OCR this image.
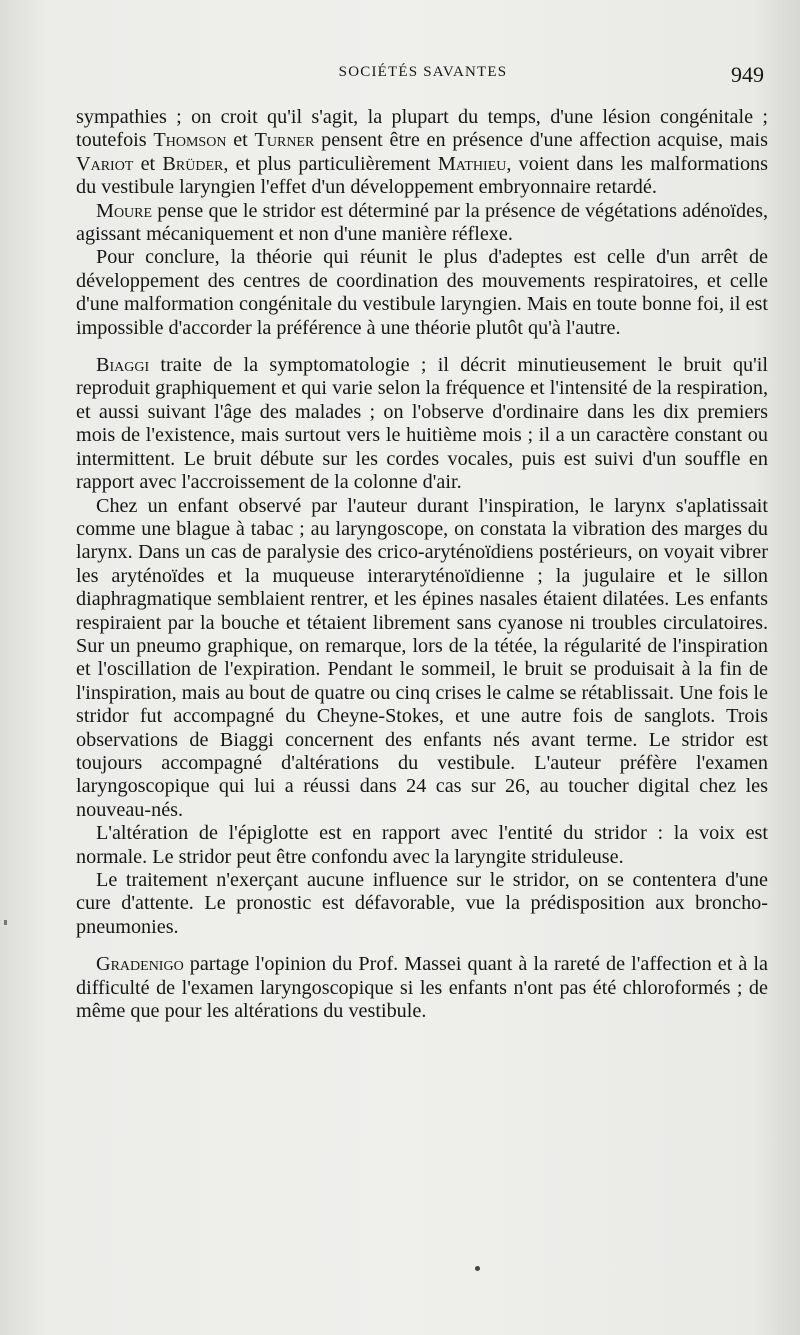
SOCIÉTÉS SAVANTES	949

sympathies ; on croit qu'il s'agit, la plupart du temps, d'une lésion congénitale ; toutefois Thomson et Turner pensent être en présence d'une affection acquise, mais Variot et Brüder, et plus particulièrement Mathieu, voient dans les malformations du vestibule laryngien l'effet d'un développement embryonnaire retardé.

Moure pense que le stridor est déterminé par la présence de végétations adénoïdes, agissant mécaniquement et non d'une manière réflexe.

Pour conclure, la théorie qui réunit le plus d'adeptes est celle d'un arrêt de développement des centres de coordination des mouvements respiratoires, et celle d'une malformation congénitale du vestibule laryngien. Mais en toute bonne foi, il est impossible d'accorder la préférence à une théorie plutôt qu'à l'autre.

Biaggi traite de la symptomatologie ; il décrit minutieusement le bruit qu'il reproduit graphiquement et qui varie selon la fréquence et l'intensité de la respiration, et aussi suivant l'âge des malades ; on l'observe d'ordinaire dans les dix premiers mois de l'existence, mais surtout vers le huitième mois ; il a un caractère constant ou intermittent. Le bruit débute sur les cordes vocales, puis est suivi d'un souffle en rapport avec l'accroissement de la colonne d'air.

Chez un enfant observé par l'auteur durant l'inspiration, le larynx s'aplatissait comme une blague à tabac ; au laryngoscope, on constata la vibration des marges du larynx. Dans un cas de paralysie des crico-aryténoïdiens postérieurs, on voyait vibrer les aryténoïdes et la muqueuse interaryténoïdienne ; la jugulaire et le sillon diaphragmatique semblaient rentrer, et les épines nasales étaient dilatées. Les enfants respiraient par la bouche et tétaient librement sans cyanose ni troubles circulatoires. Sur un pneumo graphique, on remarque, lors de la tétée, la régularité de l'inspiration et l'oscillation de l'expiration. Pendant le sommeil, le bruit se produisait à la fin de l'inspiration, mais au bout de quatre ou cinq crises le calme se rétablissait. Une fois le stridor fut accompagné du Cheyne-Stokes, et une autre fois de sanglots. Trois observations de Biaggi concernent des enfants nés avant terme. Le stridor est toujours accompagné d'altérations du vestibule. L'auteur préfère l'examen laryngoscopique qui lui a réussi dans 24 cas sur 26, au toucher digital chez les nouveau-nés.

L'altération de l'épiglotte est en rapport avec l'entité du stridor : la voix est normale. Le stridor peut être confondu avec la laryngite striduleuse.

Le traitement n'exerçant aucune influence sur le stridor, on se contentera d'une cure d'attente. Le pronostic est défavorable, vue la prédisposition aux broncho-pneumonies.

Gradenigo partage l'opinion du Prof. Massei quant à la rareté de l'affection et à la difficulté de l'examen laryngoscopique si les enfants n'ont pas été chloroformés ; de même que pour les altérations du vestibule.
